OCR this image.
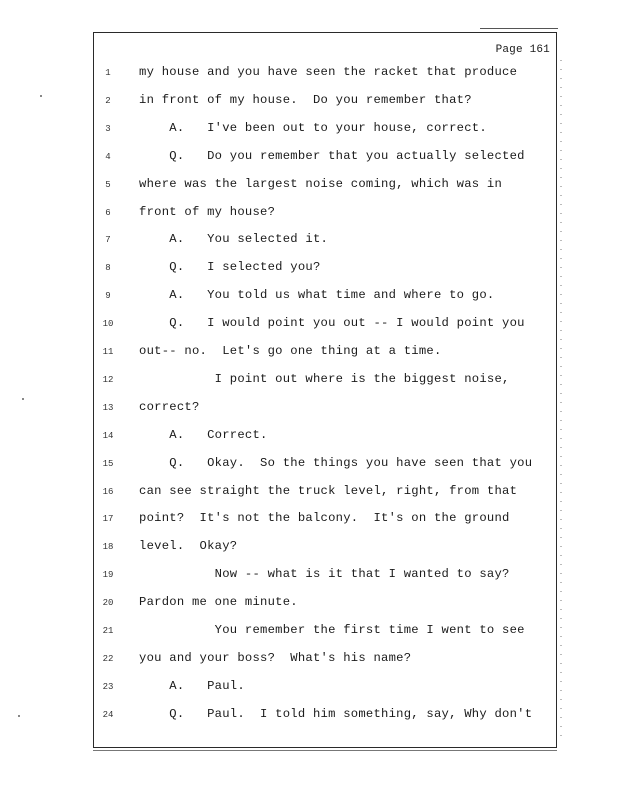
Page 161
1	my house and you have seen the racket that produce
2	in front of my house.  Do you remember that?
3	A.   I've been out to your house, correct.
4	Q.   Do you remember that you actually selected
5	where was the largest noise coming, which was in
6	front of my house?
7	A.   You selected it.
8	Q.   I selected you?
9	A.   You told us what time and where to go.
10	Q.   I would point you out -- I would point you
11	out-- no.  Let's go one thing at a time.
12	I point out where is the biggest noise,
13	correct?
14	A.   Correct.
15	Q.   Okay.  So the things you have seen that you
16	can see straight the truck level, right, from that
17	point?  It's not the balcony.  It's on the ground
18	level.  Okay?
19	Now -- what is it that I wanted to say?
20	Pardon me one minute.
21	You remember the first time I went to see
22	you and your boss?  What's his name?
23	A.   Paul.
24	Q.   Paul.  I told him something, say, Why don't
